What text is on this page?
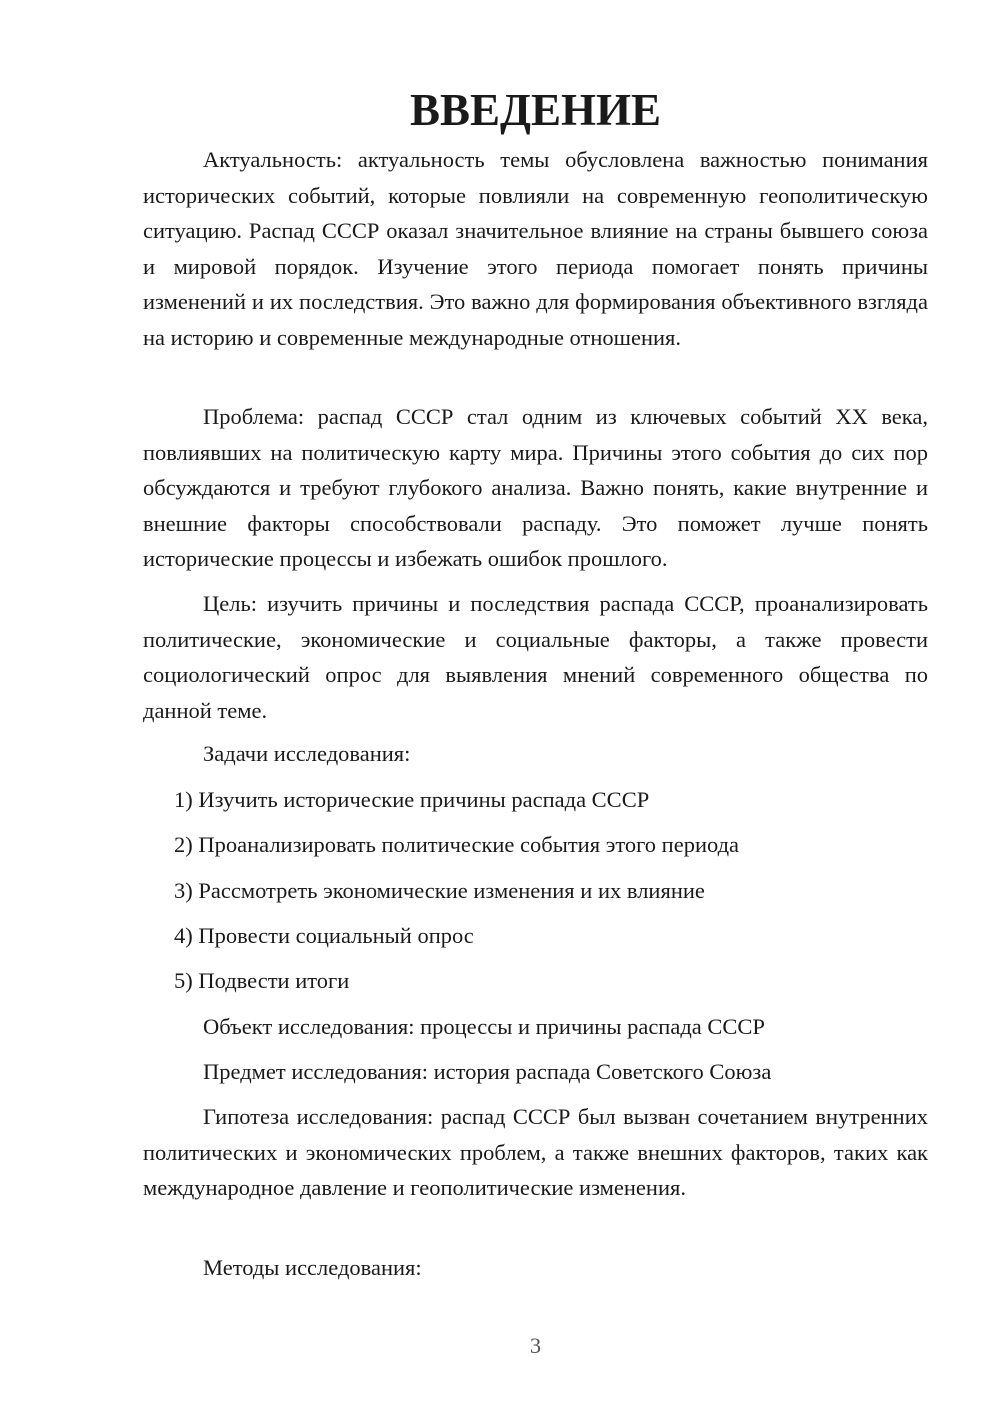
ВВЕДЕНИЕ

Актуальность: актуальность темы обусловлена важностью понимания исторических событий, которые повлияли на современную геополитическую ситуацию. Распад СССР оказал значительное влияние на страны бывшего союза и мировой порядок. Изучение этого периода помогает понять причины изменений и их последствия. Это важно для формирования объективного взгляда на историю и современные международные отношения.

Проблема: распад СССР стал одним из ключевых событий XX века, повлиявших на политическую карту мира. Причины этого события до сих пор обсуждаются и требуют глубокого анализа. Важно понять, какие внутренние и внешние факторы способствовали распаду. Это поможет лучше понять исторические процессы и избежать ошибок прошлого.

Цель: изучить причины и последствия распада СССР, проанализировать политические, экономические и социальные факторы, а также провести социологический опрос для выявления мнений современного общества по данной теме.

Задачи исследования:

1) Изучить исторические причины распада СССР

2) Проанализировать политические события этого периода

3) Рассмотреть экономические изменения и их влияние

4) Провести социальный опрос

5) Подвести итоги

Объект исследования: процессы и причины распада СССР

Предмет исследования: история распада Советского Союза

Гипотеза исследования: распад СССР был вызван сочетанием внутренних политических и экономических проблем, а также внешних факторов, таких как международное давление и геополитические изменения.

Методы исследования:

3
